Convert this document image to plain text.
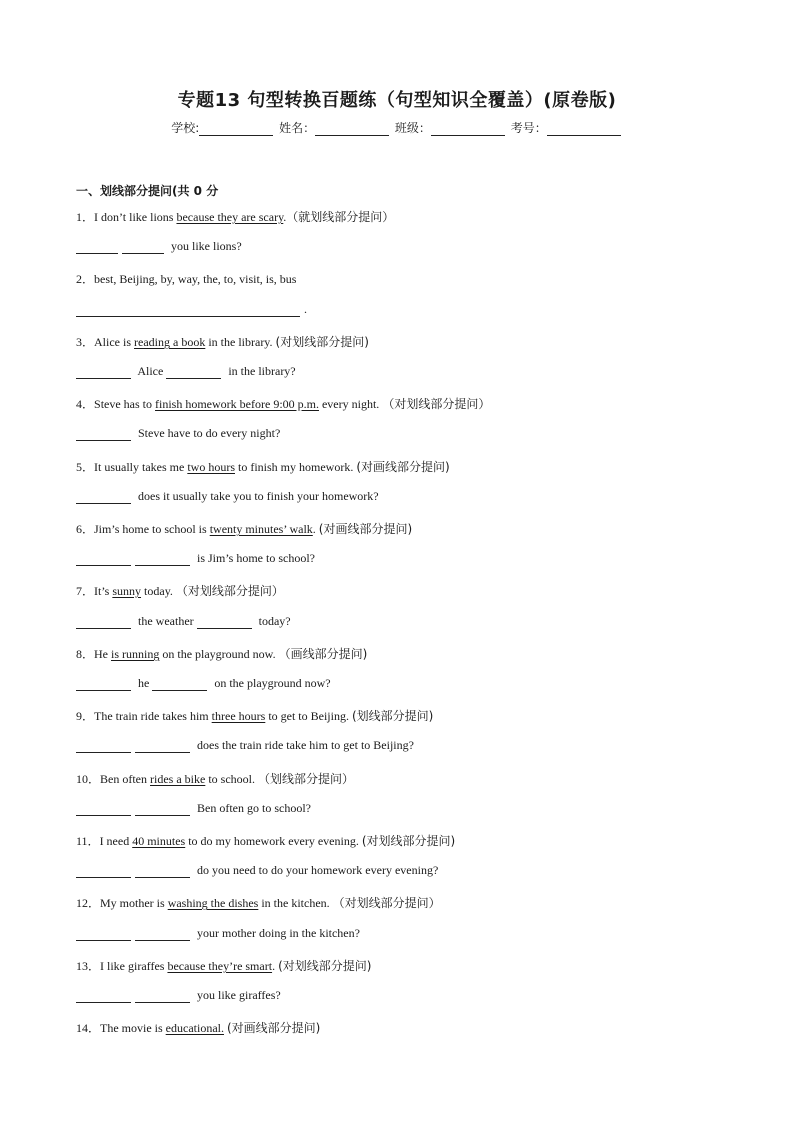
专题13 句型转换百题练（句型知识全覆盖）(原卷版)
学校:	姓名：	班级：	考号：
一、划线部分提问(共 0 分
1．I don’t like lions because they are scary.（就划线部分提问）
you like lions?
2．best, Beijing, by, way, the, to, visit, is, bus
.
3．Alice is reading a book in the library. (对划线部分提问)
Alice	in the library?
4．Steve has to finish homework before 9:00 p.m. every night. （对划线部分提问）
Steve have to do every night?
5．It usually takes me two hours to finish my homework. (对画线部分提问)
does it usually take you to finish your homework?
6．Jim’s home to school is twenty minutes’ walk. (对画线部分提问)
is Jim’s home to school?
7．It’s sunny today. （对划线部分提问）
the weather	today?
8．He is running on the playground now. （画线部分提问)
he	on the playground now?
9．The train ride takes him three hours to get to Beijing. (划线部分提问)
does the train ride take him to get to Beijing?
10．Ben often rides a bike to school. （划线部分提问）
Ben often go to school?
11．I need 40 minutes to do my homework every evening. (对划线部分提问)
do you need to do your homework every evening?
12．My mother is washing the dishes in the kitchen. （对划线部分提问）
your mother doing in the kitchen?
13．I like giraffes because they’re smart. (对划线部分提问)
you like giraffes?
14．The movie is educational. (对画线部分提问)
